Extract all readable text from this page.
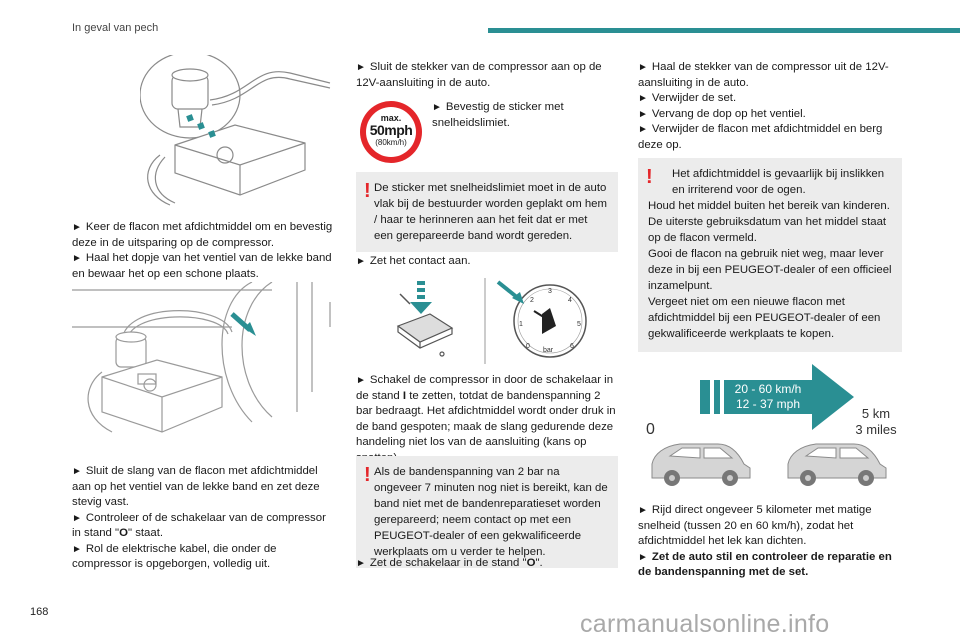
In geval van pech

► Keer de flacon met afdichtmiddel om en bevestig deze in de uitsparing op de compressor.

► Haal het dopje van het ventiel van de lekke band en bewaar het op een schone plaats.

► Sluit de slang van de flacon met afdichtmiddel aan op het ventiel van de lekke band en zet deze stevig vast.

► Controleer of de schakelaar van de compressor in stand "O" staat.

► Rol de elektrische kabel, die onder de compressor is opgeborgen, volledig uit.

► Sluit de stekker van de compressor aan op de 12V-aansluiting in de auto.

max.
50mph
(80km/h)

► Bevestig de sticker met snelheidslimiet.

! De sticker met snelheidslimiet moet in de auto vlak bij de bestuurder worden geplakt om hem / haar te herinneren aan het feit dat er met een gerepareerde band wordt gereden.

► Zet het contact aan.

0
1
2
3
4
5
6
bar

► Schakel de compressor in door de schakelaar in de stand I te zetten, totdat de bandenspanning 2 bar bedraagt. Het afdichtmiddel wordt onder druk in de band gespoten; maak de slang gedurende deze handeling niet los van de aansluiting (kans op

! Als de bandenspanning van 2 bar na ongeveer 7 minuten nog niet is bereikt, kan de band niet met de bandenreparatieset worden gerepareerd; neem contact op met een PEUGEOT-dealer of een gekwalificeerde werkplaats om u verder te helpen.

► Zet de schakelaar in de stand "O".

► Haal de stekker van de compressor uit de 12V-aansluiting in de auto.

► Verwijder de set.

► Vervang de dop op het ventiel.

► Verwijder de flacon met afdichtmiddel en berg deze op.

! Het afdichtmiddel is gevaarlijk bij inslikken en irriterend voor de ogen.

Houd het middel buiten het bereik van kinderen.

De uiterste gebruiksdatum van het middel staat op de flacon vermeld.

Gooi de flacon na gebruik niet weg, maar lever deze in bij een PEUGEOT-dealer of een officieel inzamelpunt.

Vergeet niet om een nieuwe flacon met afdichtmiddel bij een PEUGEOT-dealer of een gekwalificeerde werkplaats te kopen.

20 - 60 km/h
12 - 37 mph
0
5 km
3 miles

► Rijd direct ongeveer 5 kilometer met matige snelheid (tussen 20 en 60 km/h), zodat het afdichtmiddel het lek kan dichten.

► Zet de auto stil en controleer de reparatie en de bandenspanning met de set.

168	carmanualsonline.info
